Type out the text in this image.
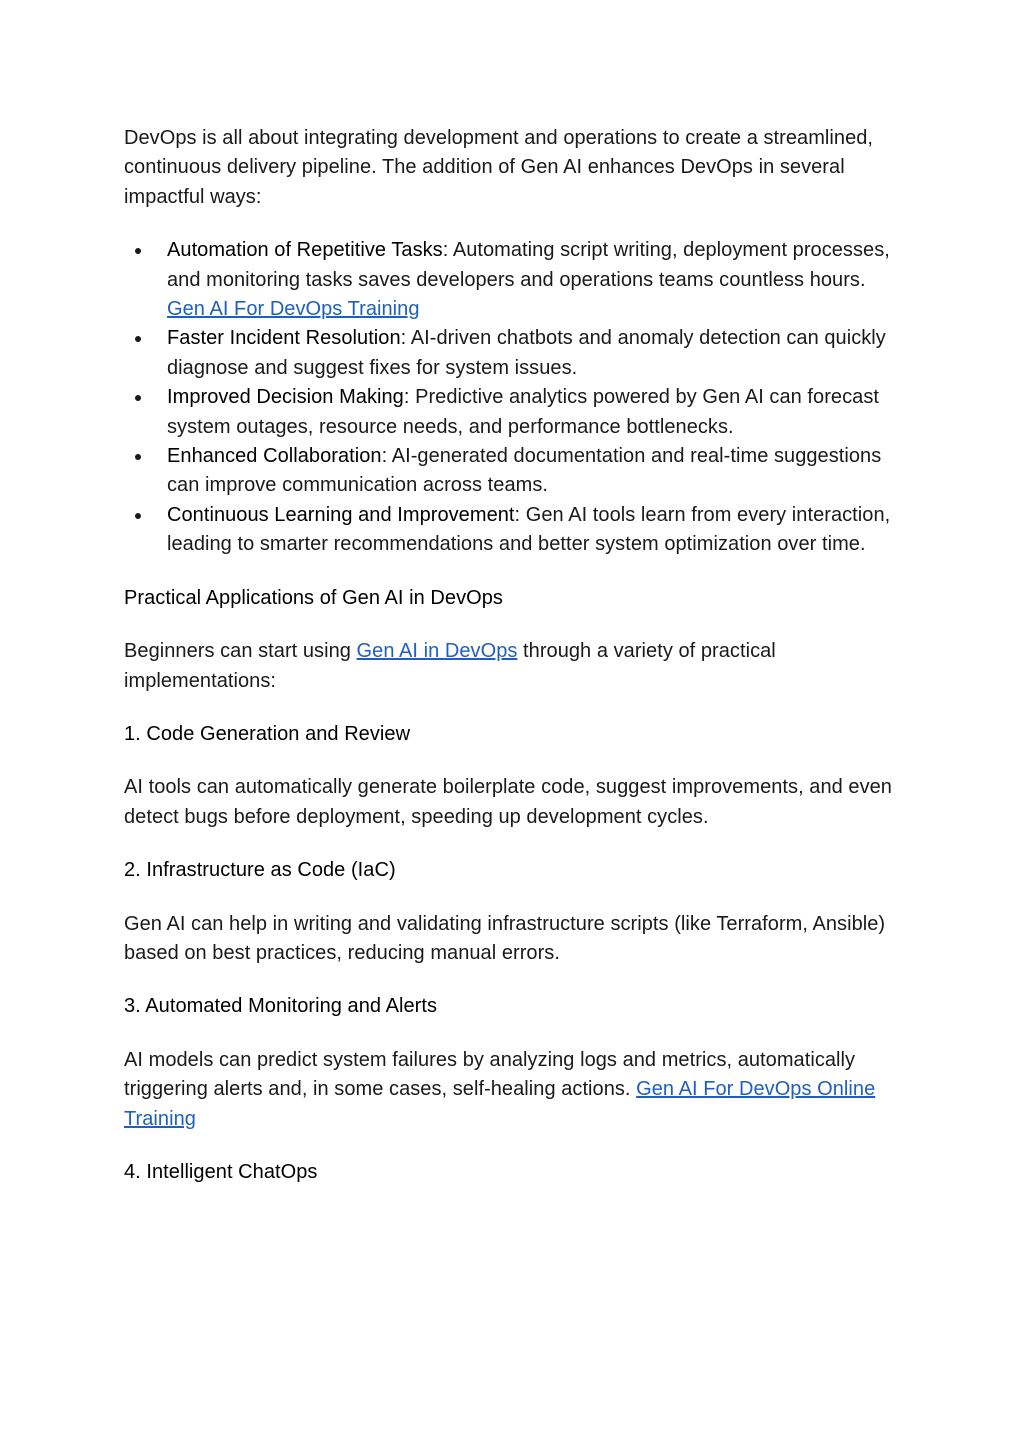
DevOps is all about integrating development and operations to create a streamlined, continuous delivery pipeline. The addition of Gen AI enhances DevOps in several impactful ways:

Automation of Repetitive Tasks: Automating script writing, deployment processes, and monitoring tasks saves developers and operations teams countless hours. Gen AI For DevOps Training
Faster Incident Resolution: AI-driven chatbots and anomaly detection can quickly diagnose and suggest fixes for system issues.
Improved Decision Making: Predictive analytics powered by Gen AI can forecast system outages, resource needs, and performance bottlenecks.
Enhanced Collaboration: AI-generated documentation and real-time suggestions can improve communication across teams.
Continuous Learning and Improvement: Gen AI tools learn from every interaction, leading to smarter recommendations and better system optimization over time.

Practical Applications of Gen AI in DevOps

Beginners can start using Gen AI in DevOps through a variety of practical implementations:

1. Code Generation and Review

AI tools can automatically generate boilerplate code, suggest improvements, and even detect bugs before deployment, speeding up development cycles.

2. Infrastructure as Code (IaC)

Gen AI can help in writing and validating infrastructure scripts (like Terraform, Ansible) based on best practices, reducing manual errors.

3. Automated Monitoring and Alerts

AI models can predict system failures by analyzing logs and metrics, automatically triggering alerts and, in some cases, self-healing actions. Gen AI For DevOps Online Training

4. Intelligent ChatOps
